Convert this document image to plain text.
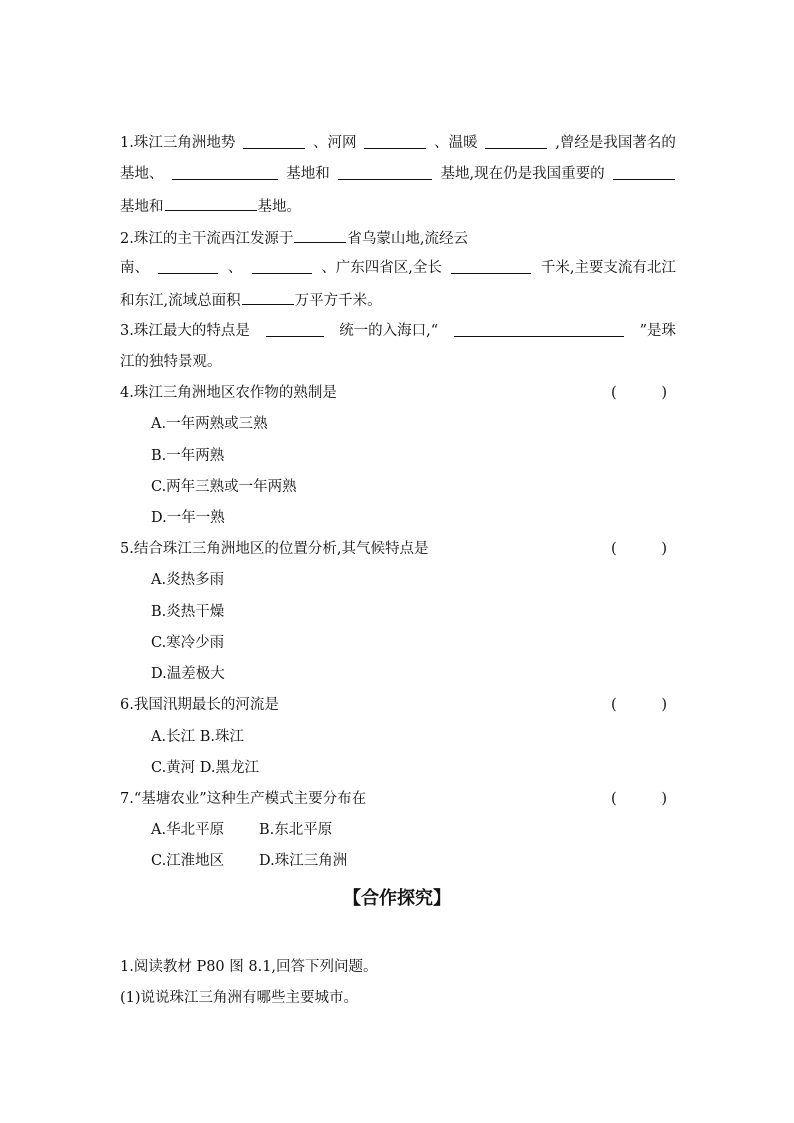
1.珠江三角洲地势	、河网	、温暖	,曾经是我国著名的
基地、	基地和	基地,现在仍是我国重要的
基地和	基地。
2.珠江的主干流西江发源于	省乌蒙山地,流经云
南、	、	、广东四省区,全长	千米,主要支流有北江
和东江,流域总面积	万平方千米。
3.珠江最大的特点是	统一的入海口,“	”是珠
江的独特景观。
4.珠江三角洲地区农作物的熟制是	(	)
A.一年两熟或三熟
B.一年两熟
C.两年三熟或一年两熟
D.一年一熟
5.结合珠江三角洲地区的位置分析,其气候特点是	(	)
A.炎热多雨
B.炎热干燥
C.寒冷少雨
D.温差极大
6.我国汛期最长的河流是	(	)
A.长江 B.珠江
C.黄河 D.黑龙江
7.“基塘农业”这种生产模式主要分布在	(	)
A.华北平原 B.东北平原
C.江淮地区 D.珠江三角洲
【合作探究】
1.阅读教材 P80 图 8.1,回答下列问题。
(1)说说珠江三角洲有哪些主要城市。
